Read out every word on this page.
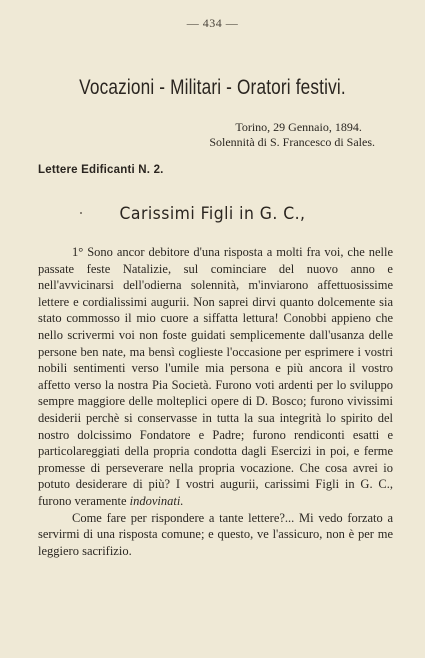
— 434 —
Vocazioni - Militari - Oratori festivi.
Torino, 29 Gennaio, 1894.
Solennità di S. Francesco di Sales.
Lettere Edificanti N. 2.
Carissimi Figli in G. C.,

1° Sono ancor debitore d'una risposta a molti fra voi, che nelle passate feste Natalizie, sul cominciare del nuovo anno e nell'avvicinarsi dell'odierna solennità, m'inviarono affettuosissime lettere e cordialissimi augurii. Non saprei dirvi quanto dolcemente sia stato commosso il mio cuore a siffatta lettura! Conobbi appieno che nello scrivermi voi non foste guidati semplicemente dall'usanza delle persone ben nate, ma bensì coglieste l'occasione per esprimere i vostri nobili sentimenti verso l'umile mia persona e più ancora il vostro affetto verso la nostra Pia Società. Furono voti ardenti per lo sviluppo sempre maggiore delle molteplici opere di D. Bosco; furono vivissimi desiderii perchè si conservasse in tutta la sua integrità lo spirito del nostro dolcissimo Fondatore e Padre; furono rendiconti esatti e particolareggiati della propria condotta dagli Esercizi in poi, e ferme promesse di perseverare nella propria vocazione. Che cosa avrei io potuto desiderare di più? I vostri augurii, carissimi Figli in G. C., furono veramente indovinati.

Come fare per rispondere a tante lettere?... Mi vedo forzato a servirmi di una risposta comune; e questo, ve l'assicuro, non è per me leggiero sacrifizio.
